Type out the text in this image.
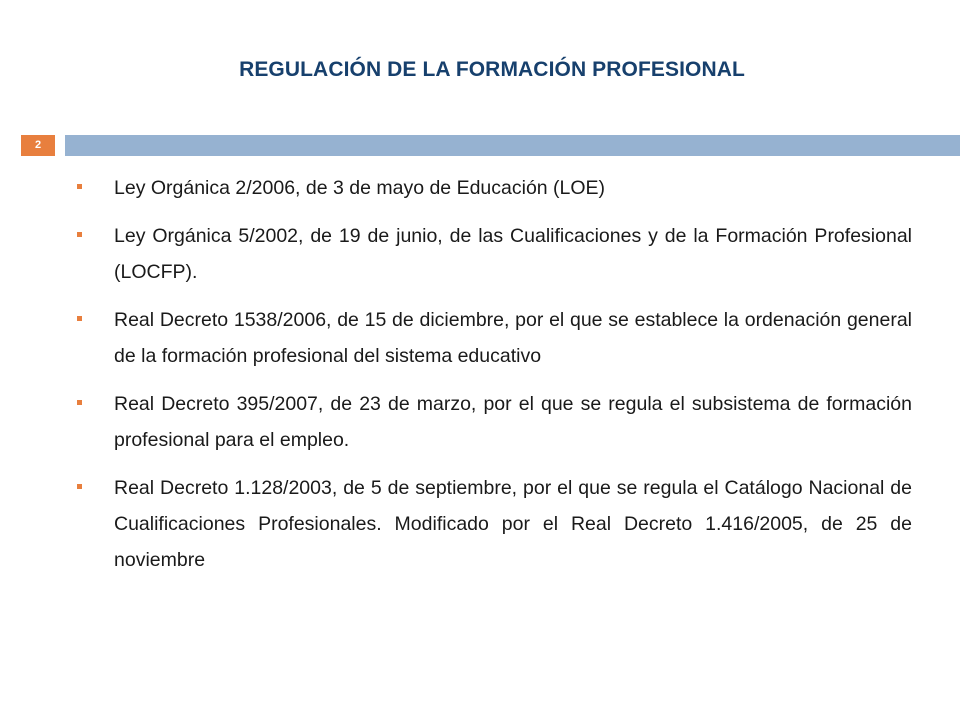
REGULACIÓN DE LA FORMACIÓN PROFESIONAL
2
Ley Orgánica 2/2006, de 3 de mayo de Educación (LOE)
Ley Orgánica 5/2002, de 19 de junio, de las Cualificaciones y de la Formación Profesional (LOCFP).
Real Decreto 1538/2006, de 15 de diciembre, por el que se establece la ordenación general de la formación profesional del sistema educativo
Real Decreto 395/2007, de 23 de marzo, por el que se regula el subsistema de formación profesional para el empleo.
Real Decreto 1.128/2003, de 5 de septiembre, por el que se regula el Catálogo Nacional de Cualificaciones Profesionales. Modificado por el Real Decreto 1.416/2005, de 25 de noviembre
